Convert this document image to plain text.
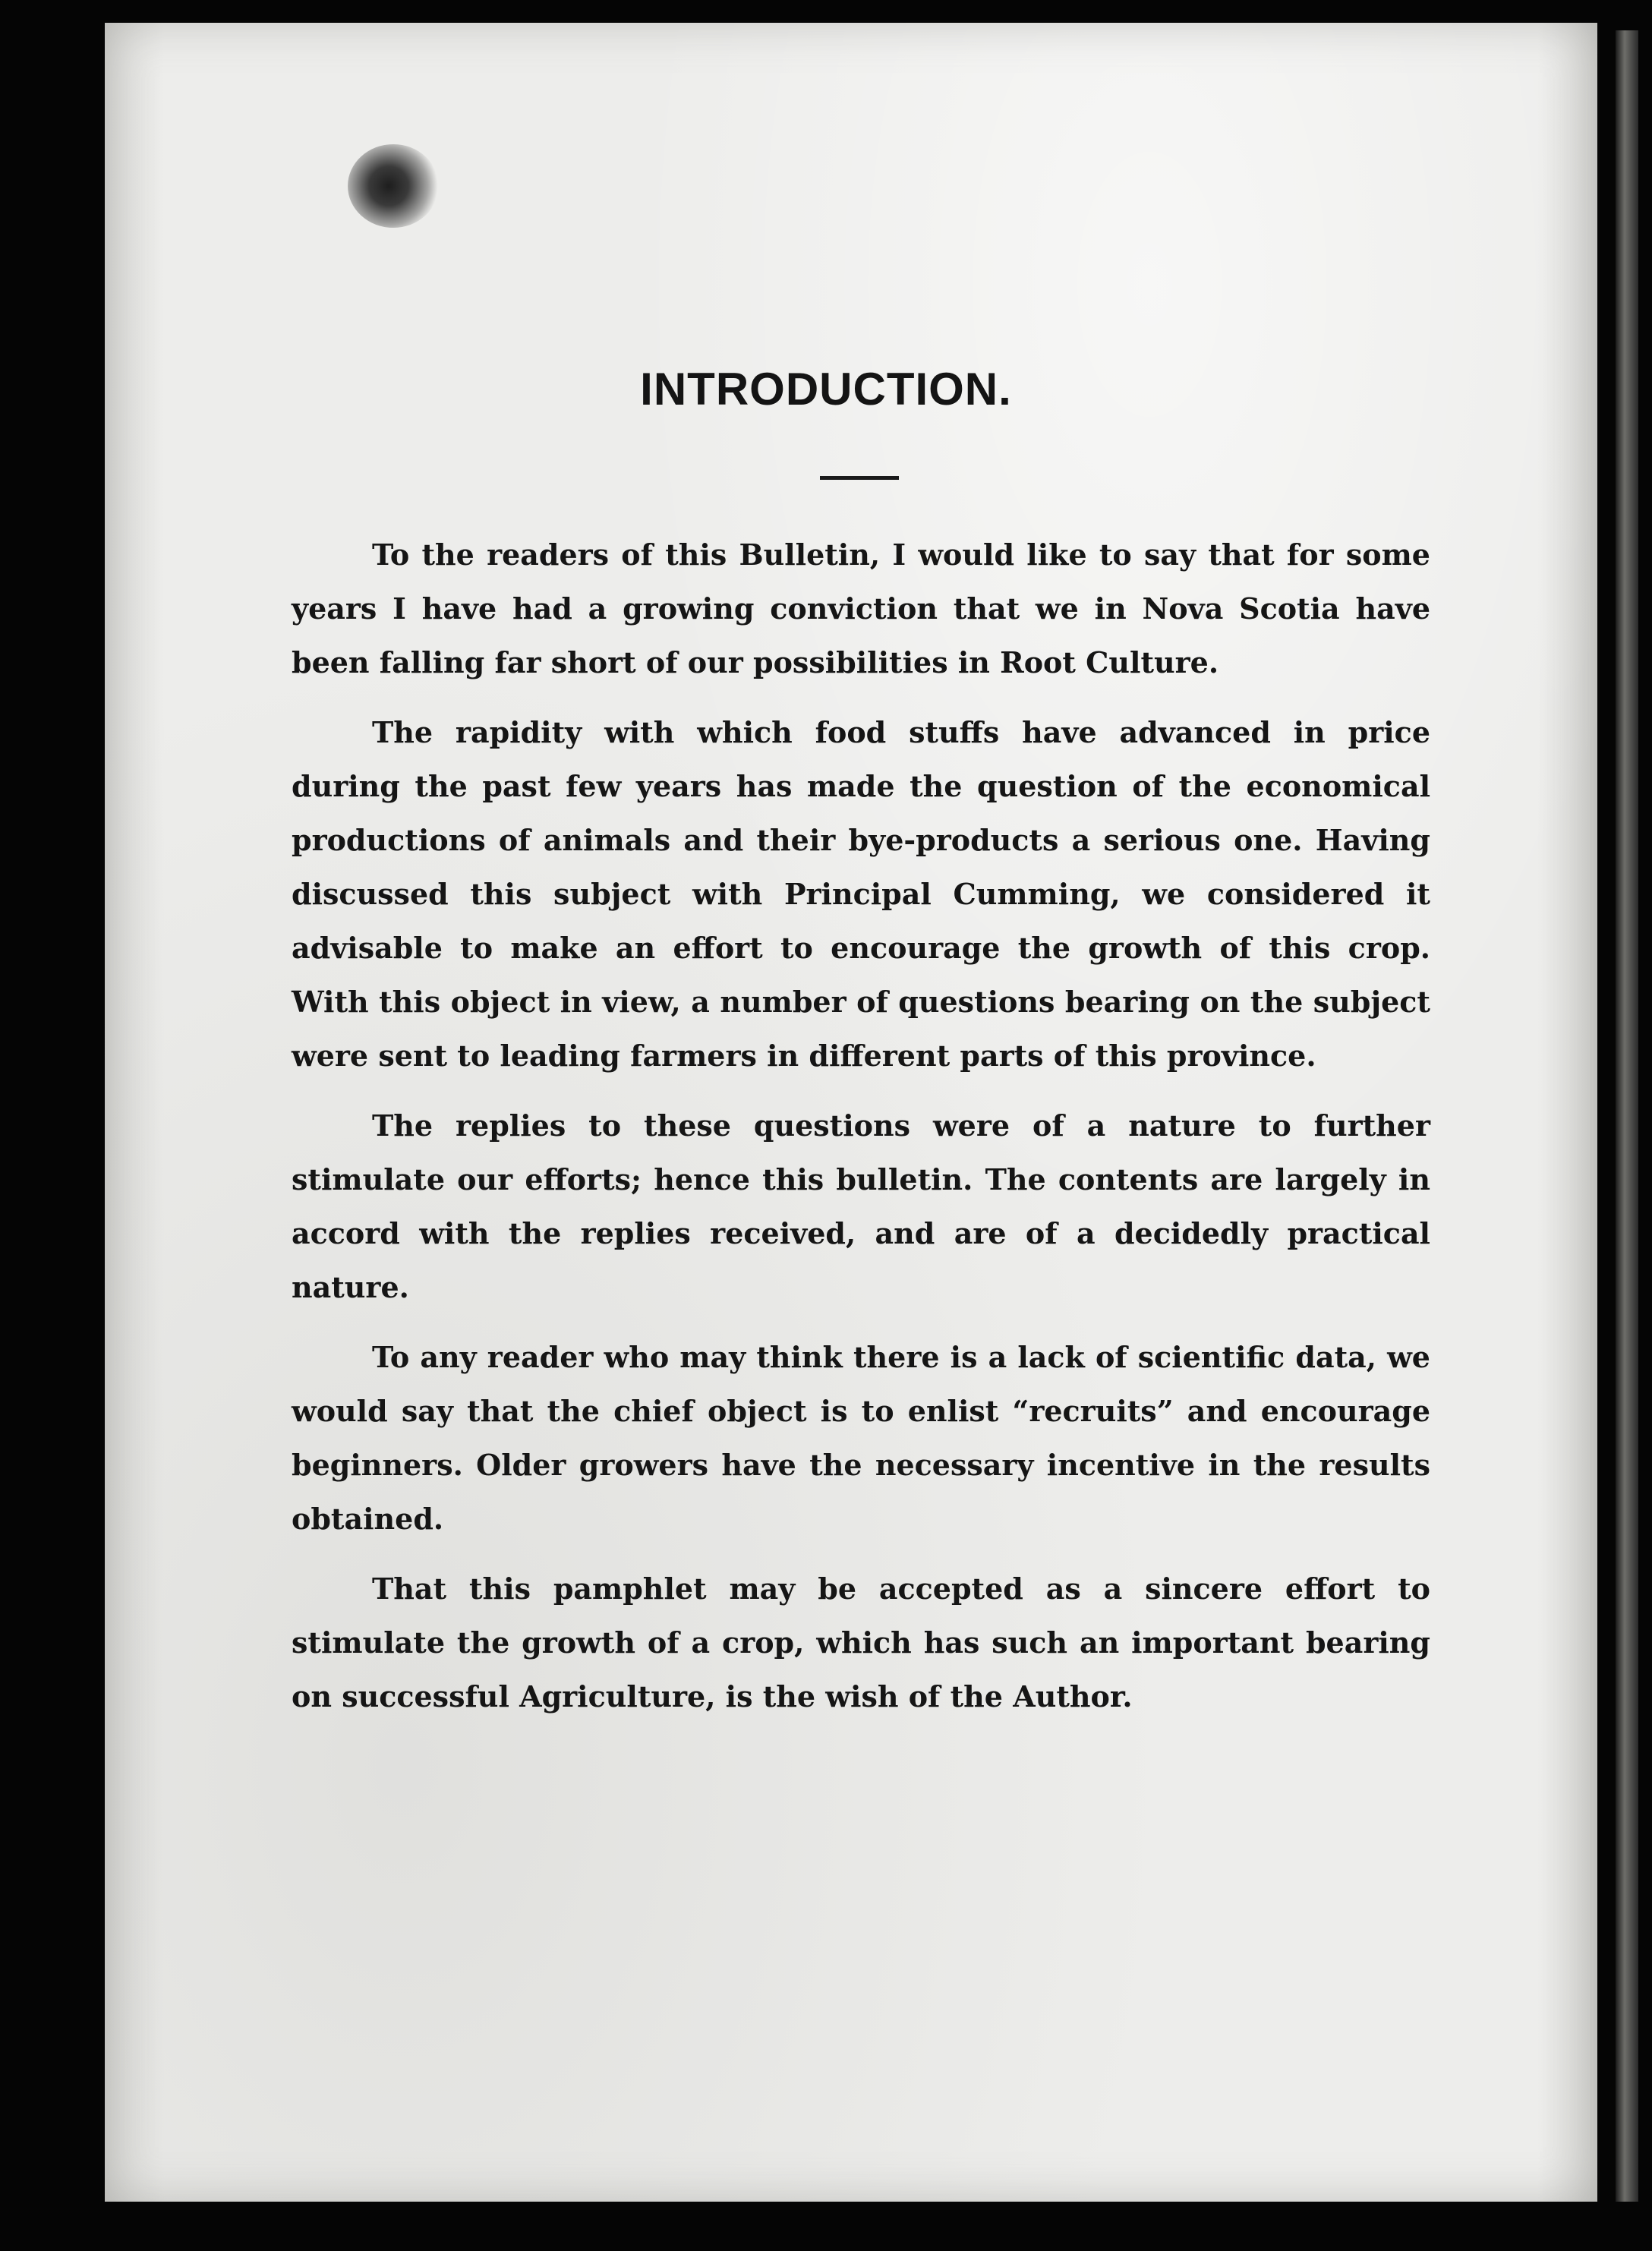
INTRODUCTION.

To the readers of this Bulletin, I would like to say that for some years I have had a growing conviction that we in Nova Scotia have been falling far short of our possibilities in Root Culture.

The rapidity with which food stuffs have advanced in price during the past few years has made the question of the economical productions of animals and their bye-products a serious one. Having discussed this subject with Principal Cumming, we considered it advisable to make an effort to encourage the growth of this crop. With this object in view, a number of questions bearing on the subject were sent to leading farmers in different parts of this province.

The replies to these questions were of a nature to further stimulate our efforts; hence this bulletin. The contents are largely in accord with the replies received, and are of a decidedly practical nature.

To any reader who may think there is a lack of scientific data, we would say that the chief object is to enlist “recruits” and encourage beginners. Older growers have the necessary incentive in the results obtained.

That this pamphlet may be accepted as a sincere effort to stimulate the growth of a crop, which has such an important bearing on successful Agriculture, is the wish of the Author.
